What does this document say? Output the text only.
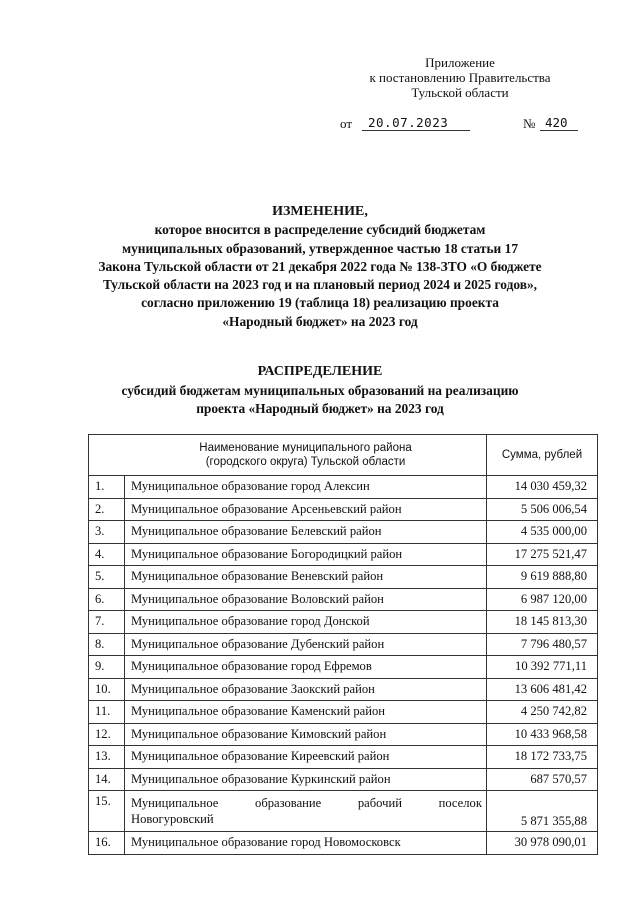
Приложение
к постановлению Правительства
Тульской области
от 20.07.2023	№ 420
ИЗМЕНЕНИЕ,
которое вносится в распределение субсидий бюджетам
муниципальных образований, утвержденное частью 18 статьи 17
Закона Тульской области от 21 декабря 2022 года № 138-ЗТО «О бюджете
Тульской области на 2023 год и на плановый период 2024 и 2025 годов»,
согласно приложению 19 (таблица 18) реализацию проекта
«Народный бюджет» на 2023 год
РАСПРЕДЕЛЕНИЕ
субсидий бюджетам муниципальных образований на реализацию
проекта «Народный бюджет» на 2023 год
Наименование муниципального района
(городского округа) Тульской области		Сумма, рублей
1.	Муниципальное образование город Алексин	14 030 459,32
2.	Муниципальное образование Арсеньевский район	5 506 006,54
3.	Муниципальное образование Белевский район	4 535 000,00
4.	Муниципальное образование Богородицкий район	17 275 521,47
5.	Муниципальное образование Веневский район	9 619 888,80
6.	Муниципальное образование Воловский район	6 987 120,00
7.	Муниципальное образование город Донской	18 145 813,30
8.	Муниципальное образование Дубенский район	7 796 480,57
9.	Муниципальное образование город Ефремов	10 392 771,11
10.	Муниципальное образование Заокский район	13 606 481,42
11.	Муниципальное образование Каменский район	4 250 742,82
12.	Муниципальное образование Кимовский район	10 433 968,58
13.	Муниципальное образование Киреевский район	18 172 733,75
14.	Муниципальное образование Куркинский район	687 570,57
15.	Муниципальное образование рабочий поселок
Новогуровский	5 871 355,88
16.	Муниципальное образование город Новомосковск	30 978 090,01
